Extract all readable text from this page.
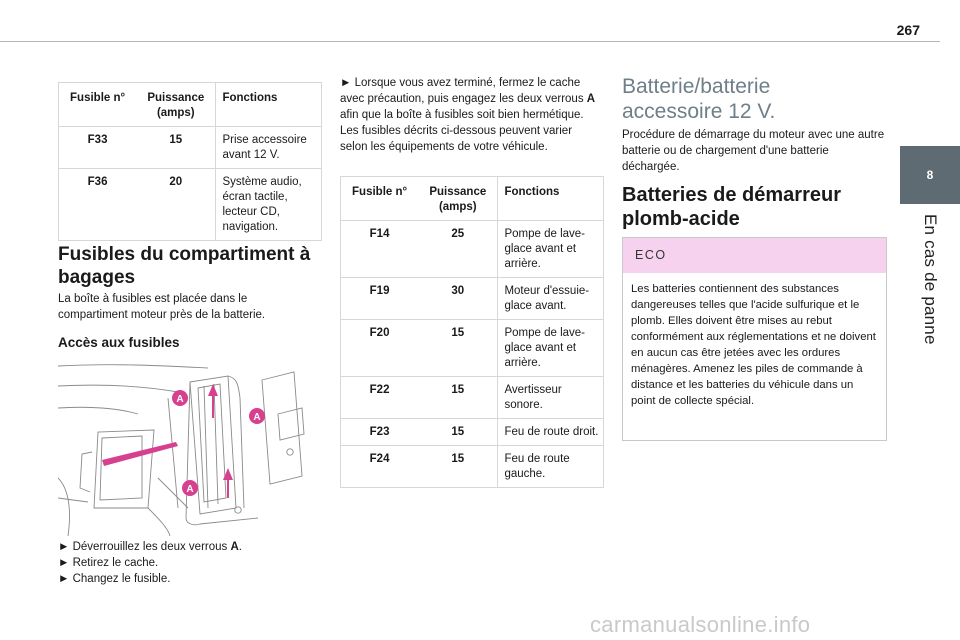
267
8
En cas de panne
Fusible n°	Puissance (amps)	Fonctions
F33	15	Prise accessoire avant 12 V.
F36	20	Système audio, écran tactile, lecteur CD, navigation.
Fusibles du compartiment à bagages
La boîte à fusibles est placée dans le compartiment moteur près de la batterie.
Accès aux fusibles
A
A
A

► Déverrouillez les deux verrous A.

► Retirez le cache.

► Changez le fusible.

► Lorsque vous avez terminé, fermez le cache avec précaution, puis engagez les deux verrous A afin que la boîte à fusibles soit bien hermétique.

Les fusibles décrits ci-dessous peuvent varier selon les équipements de votre véhicule.

Fusible n°	Puissance (amps)	Fonctions
F14	25	Pompe de lave-glace avant et arrière.
F19	30	Moteur d'essuie-glace avant.
F20	15	Pompe de lave-glace avant et arrière.
F22	15	Avertisseur sonore.
F23	15	Feu de route droit.
F24	15	Feu de route gauche.
Batterie/batterie accessoire 12 V.
Procédure de démarrage du moteur avec une autre batterie ou de chargement d'une batterie déchargée.
Batteries de démarreur plomb-acide
ECO
Les batteries contiennent des substances dangereuses telles que l'acide sulfurique et le plomb. Elles doivent être mises au rebut conformément aux réglementations et ne doivent en aucun cas être jetées avec les ordures ménagères. Amenez les piles de commande à distance et les batteries du véhicule dans un point de collecte spécial.
carmanualsonline.info
